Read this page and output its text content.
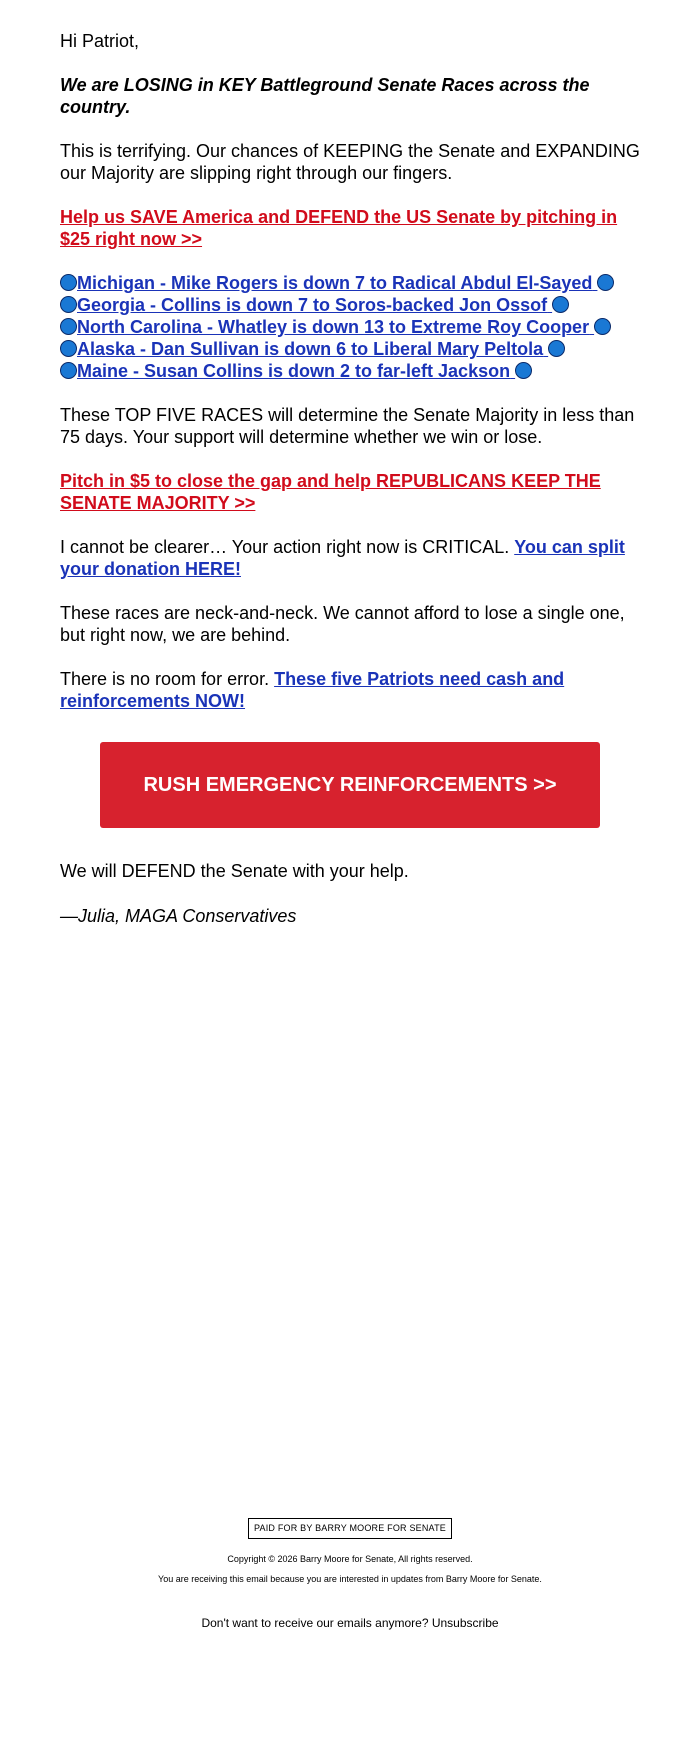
Hi Patriot,

We are LOSING in KEY Battleground Senate Races across the country.

This is terrifying. Our chances of KEEPING the Senate and EXPANDING our Majority are slipping right through our fingers.

Help us SAVE America and DEFEND the US Senate by pitching in $25 right now >>

Michigan - Mike Rogers is down 7 to Radical Abdul El-Sayed
Georgia - Collins is down 7 to Soros-backed Jon Ossof
North Carolina - Whatley is down 13 to Extreme Roy Cooper
Alaska - Dan Sullivan is down 6 to Liberal Mary Peltola
Maine - Susan Collins is down 2 to far-left Jackson

These TOP FIVE RACES will determine the Senate Majority in less than 75 days. Your support will determine whether we win or lose.

Pitch in $5 to close the gap and help REPUBLICANS KEEP THE SENATE MAJORITY >>

I cannot be clearer… Your action right now is CRITICAL. You can split your donation HERE!

These races are neck-and-neck. We cannot afford to lose a single one, but right now, we are behind.

There is no room for error. These five Patriots need cash and reinforcements NOW!

We will DEFEND the Senate with your help.

—Julia, MAGA Conservatives

RUSH EMERGENCY REINFORCEMENTS >>
PAID FOR BY BARRY MOORE FOR SENATE
Copyright © 2026 Barry Moore for Senate, All rights reserved.
You are receiving this email because you are interested in updates from Barry Moore for Senate.
Don't want to receive our emails anymore? Unsubscribe
